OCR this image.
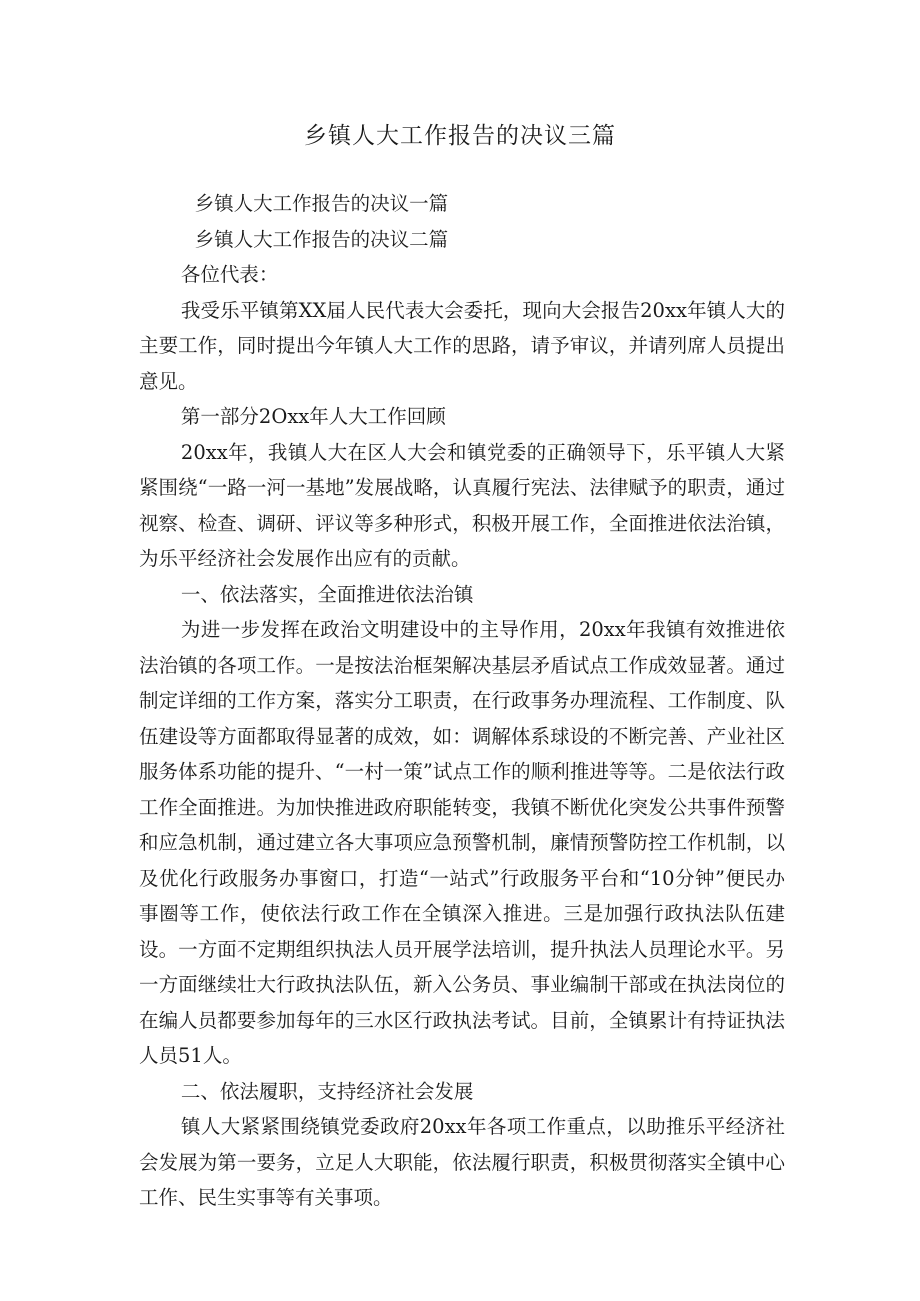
乡镇人大工作报告的决议三篇

乡镇人大工作报告的决议一篇

乡镇人大工作报告的决议二篇

各位代表：

我受乐平镇第XX届人民代表大会委托，现向大会报告20xx年镇人大的主要工作，同时提出今年镇人大工作的思路，请予审议，并请列席人员提出意见。

第一部分2Oxx年人大工作回顾

20xx年，我镇人大在区人大会和镇党委的正确领导下，乐平镇人大紧紧围绕“一路一河一基地”发展战略，认真履行宪法、法律赋予的职责，通过视察、检查、调研、评议等多种形式，积极开展工作，全面推进依法治镇，为乐平经济社会发展作出应有的贡献。

一、依法落实，全面推进依法治镇

为进一步发挥在政治文明建设中的主导作用，20xx年我镇有效推进依法治镇的各项工作。一是按法治框架解决基层矛盾试点工作成效显著。通过制定详细的工作方案，落实分工职责，在行政事务办理流程、工作制度、队伍建设等方面都取得显著的成效，如：调解体系球设的不断完善、产业社区服务体系功能的提升、“一村一策”试点工作的顺利推进等等。二是依法行政工作全面推进。为加快推进政府职能转变，我镇不断优化突发公共事件预警和应急机制，通过建立各大事项应急预警机制，廉情预警防控工作机制，以及优化行政服务办事窗口，打造“一站式”行政服务平台和“10分钟”便民办事圈等工作，使依法行政工作在全镇深入推进。三是加强行政执法队伍建设。一方面不定期组织执法人员开展学法培训，提升执法人员理论水平。另一方面继续壮大行政执法队伍，新入公务员、事业编制干部或在执法岗位的在编人员都要参加每年的三水区行政执法考试。目前，全镇累计有持证执法人员51人。

二、依法履职，支持经济社会发展

镇人大紧紧围绕镇党委政府20xx年各项工作重点，以助推乐平经济社会发展为第一要务，立足人大职能，依法履行职责，积极贯彻落实全镇中心工作、民生实事等有关事项。
